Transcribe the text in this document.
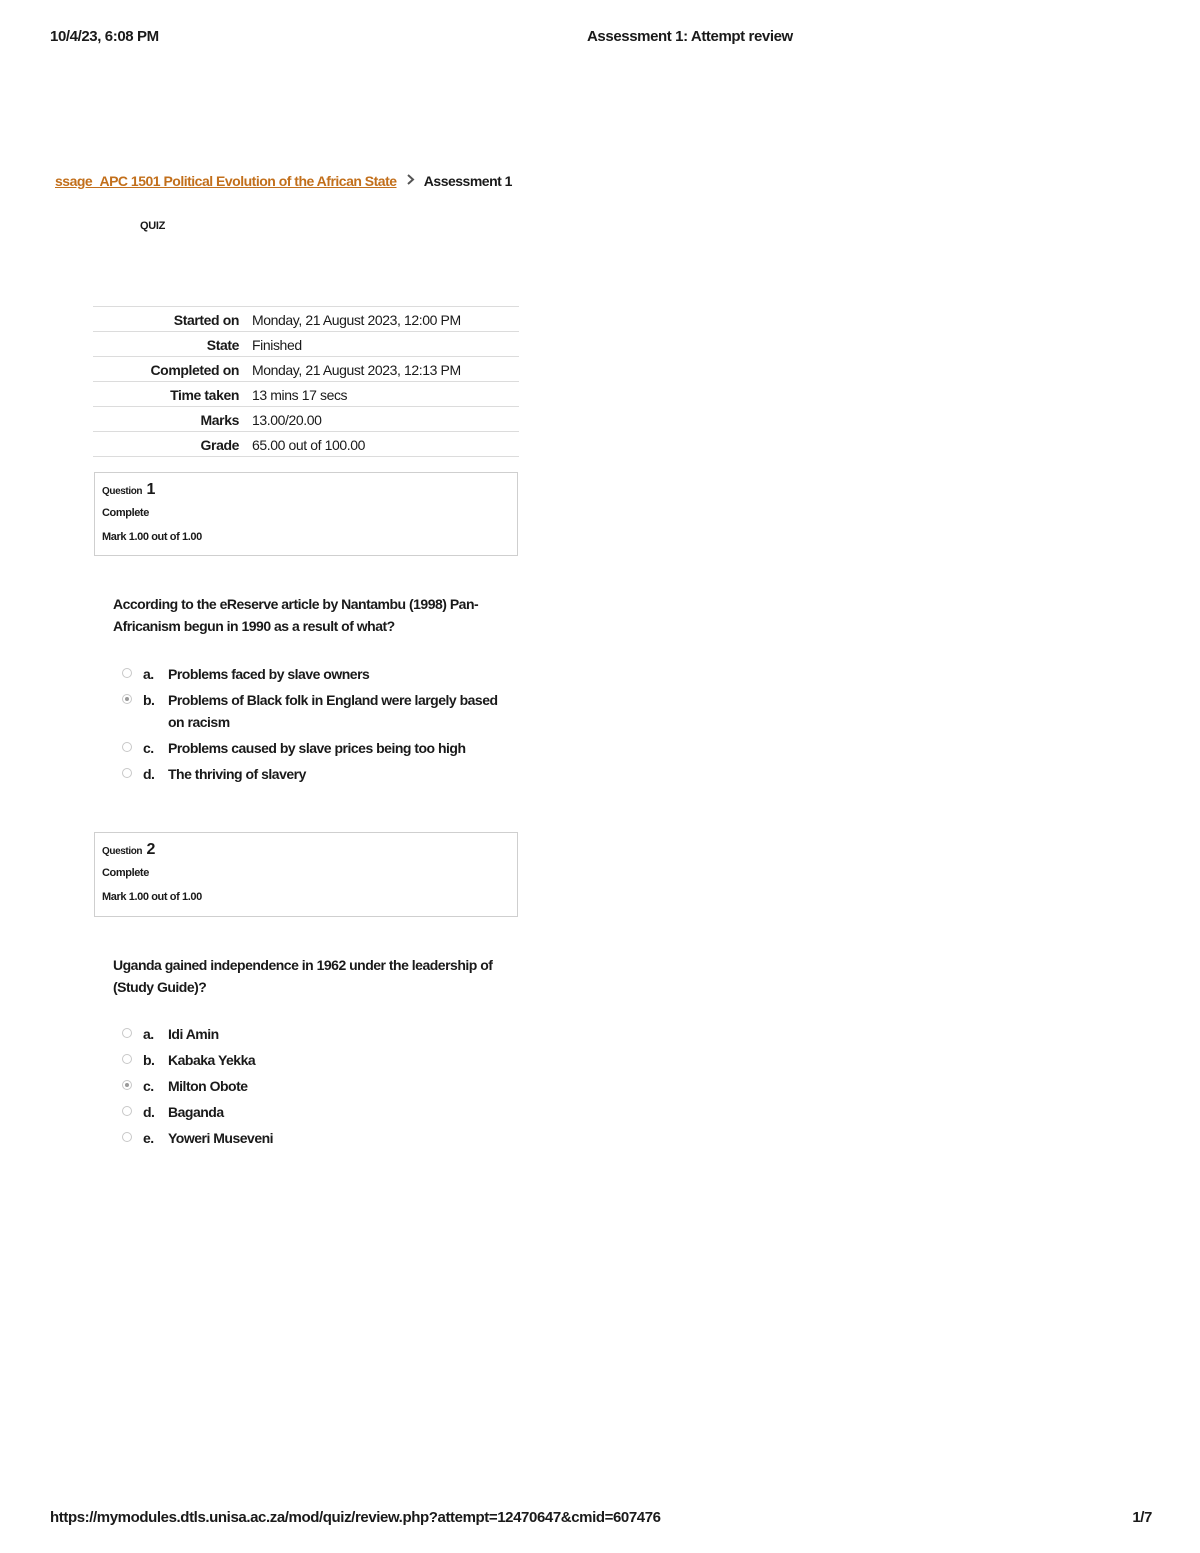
10/4/23, 6:08 PM	Assessment 1: Attempt review
ssage_APC 1501 Political Evolution of the African State Assessment 1
QUIZ
Started on	Monday, 21 August 2023, 12:00 PM
State	Finished
Completed on	Monday, 21 August 2023, 12:13 PM
Time taken	13 mins 17 secs
Marks	13.00/20.00
Grade	65.00 out of 100.00
Question 1
Complete
Mark 1.00 out of 1.00
According to the eReserve article by Nantambu (1998) Pan-Africanism begun in 1990 as a result of what?
a. Problems faced by slave owners
b. Problems of Black folk in England were largely based on racism
c. Problems caused by slave prices being too high
d. The thriving of slavery
Question 2
Complete
Mark 1.00 out of 1.00
Uganda gained independence in 1962 under the leadership of (Study Guide)?
a. Idi Amin
b. Kabaka Yekka
c. Milton Obote
d. Baganda
e. Yoweri Museveni
https://mymodules.dtls.unisa.ac.za/mod/quiz/review.php?attempt=12470647&cmid=607476	1/7
